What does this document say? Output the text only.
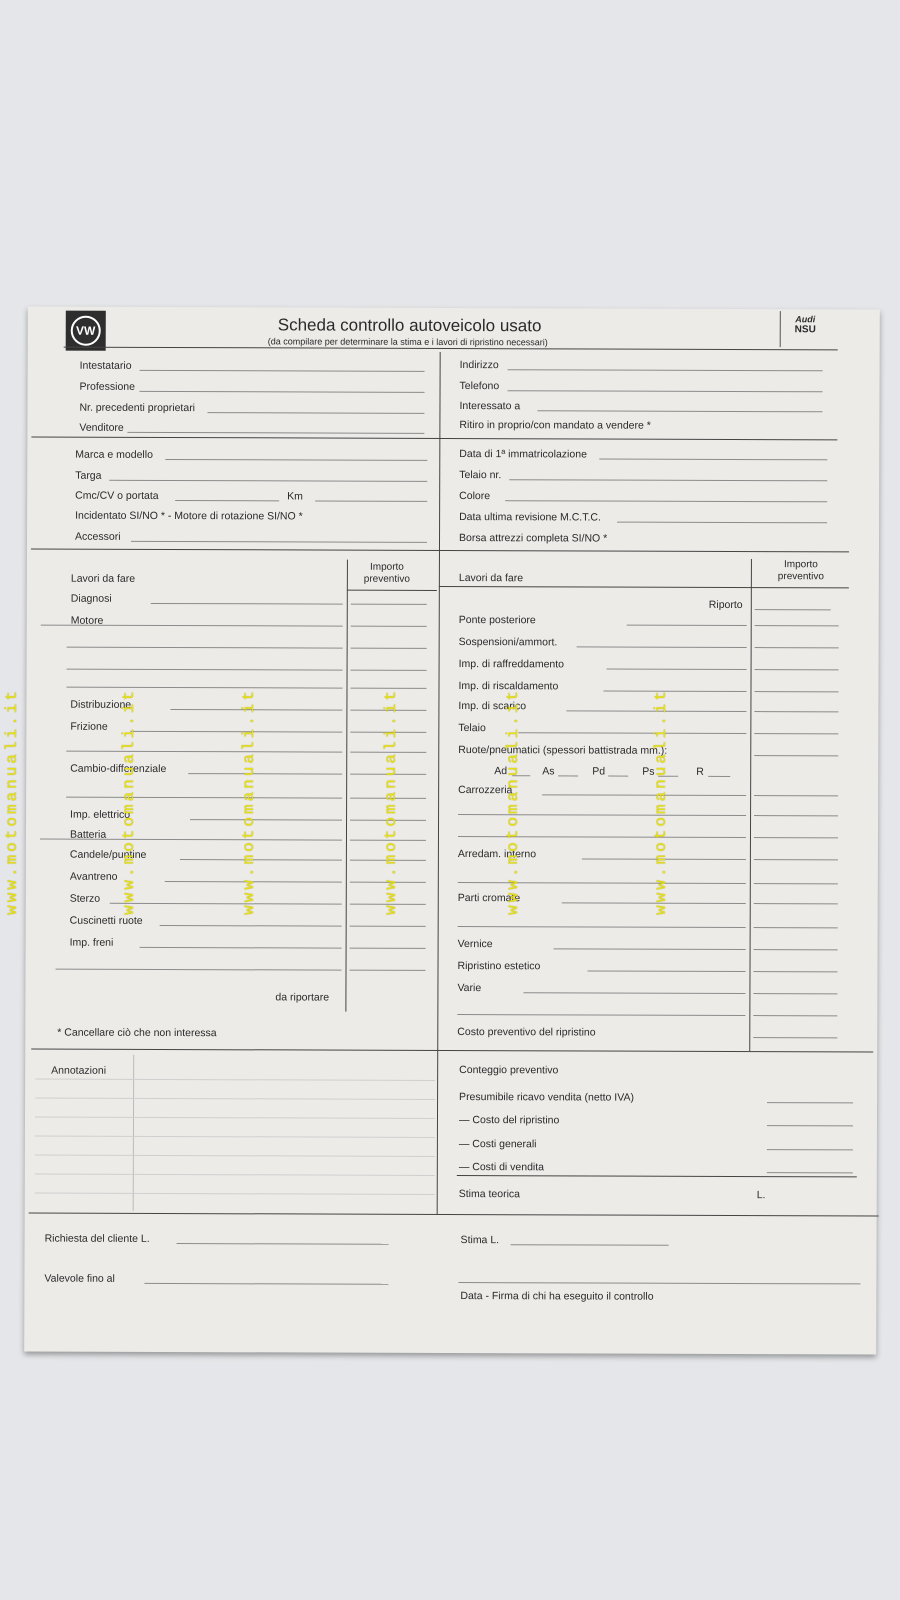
VW	Scheda controllo autoveicolo usato
(da compilare per determinare la stima e i lavori di ripristino necessari)
Audi
NSU
Intestatario
Professione
Nr. precedenti proprietari
Venditore
Indirizzo
Telefono
Interessato a
Ritiro in proprio/con mandato a vendere *
Marca e modello
Targa
Cmc/CV o portata	Km
Incidentato SI/NO * - Motore di rotazione SI/NO *
Accessori
Data di 1ª immatricolazione
Telaio nr.
Colore
Data ultima revisione M.C.T.C.
Borsa attrezzi completa SI/NO *
Lavori da fare
Importo preventivo
Diagnosi
Motore
Distribuzione
Frizione
Cambio-differenziale
Imp. elettrico
Batteria
Candele/puntine
Avantreno
Sterzo
Cuscinetti ruote
Imp. freni
da riportare
* Cancellare ciò che non interessa
Lavori da fare
Importo preventivo
Riporto
Ponte posteriore
Sospensioni/ammort.
Imp. di raffreddamento
Imp. di riscaldamento
Imp. di scarico
Telaio
Ruote/pneumatici (spessori battistrada mm.):
Carrozzeria
Arredam. interno
Parti cromate
Vernice
Ripristino estetico
Varie
Costo preventivo del ripristino
Ad	As	Pd	Ps	R
Annotazioni	Conteggio preventivo
Presumibile ricavo vendita (netto IVA)
— Costo del ripristino
— Costi generali
— Costi di vendita
Stima teorica	L.
Richiesta del cliente L.
Valevole fino al
Stima L.
Data - Firma di chi ha eseguito il controllo
www.motomanuali.it	www.motomanuali.it	www.motomanuali.it	www.motomanuali.it	www.motomanuali.it	www.motomanuali.it
